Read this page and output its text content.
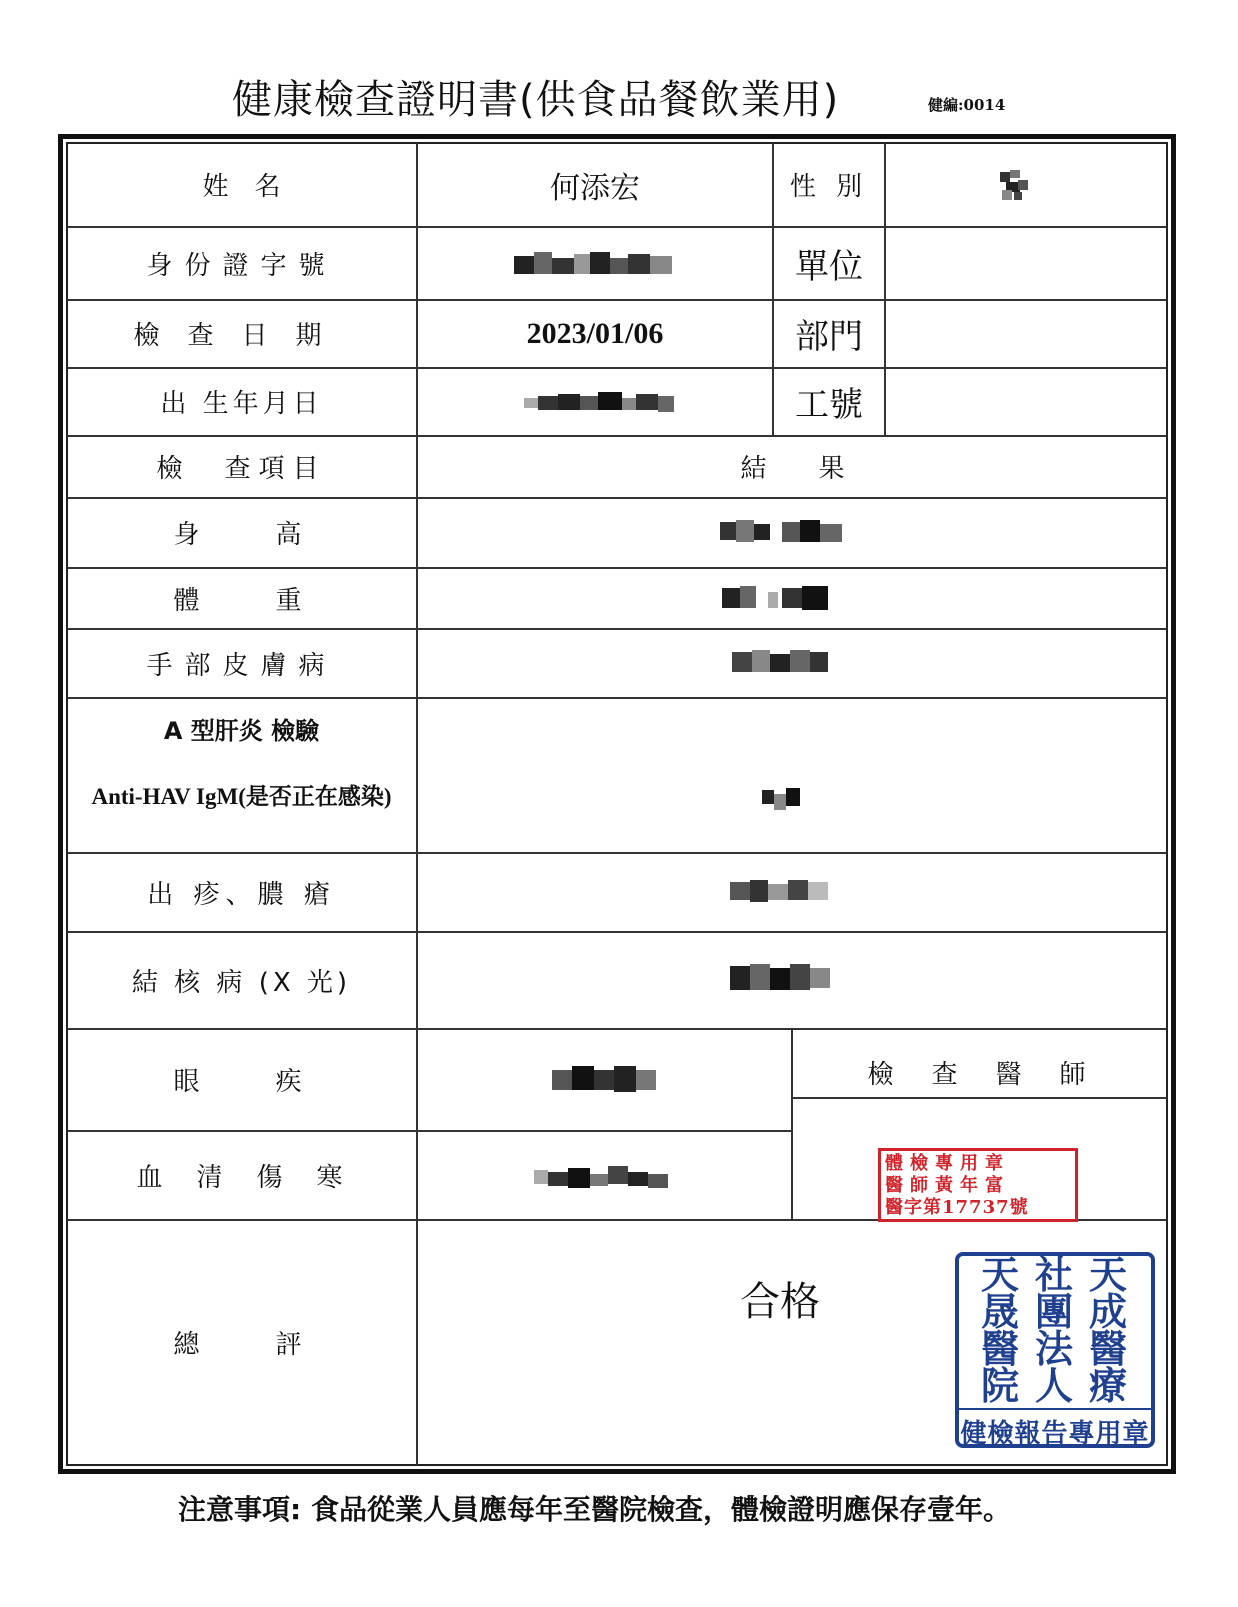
健康檢查證明書(供食品餐飲業用)	健編:0014
姓　名
身份證字號
檢查日期
出 生年月日
檢　查項目
身　　高
體　　重
手部皮膚病
A 型肝炎 檢驗
Anti-HAV IgM(是否正在感染)
出 疹、膿 瘡
結 核 病 (X 光)
眼　　疾
血　清　傷　寒
總　　評
何添宏
2023/01/06
性 別
單位
部門
工號
結　　果
檢　查　醫　師
合格
體檢專用章
醫師黃年富
醫字第17737號
天社天
晟團成
醫法醫
院人療
健檢報告專用章
注意事項: 食品從業人員應每年至醫院檢查，體檢證明應保存壹年。
